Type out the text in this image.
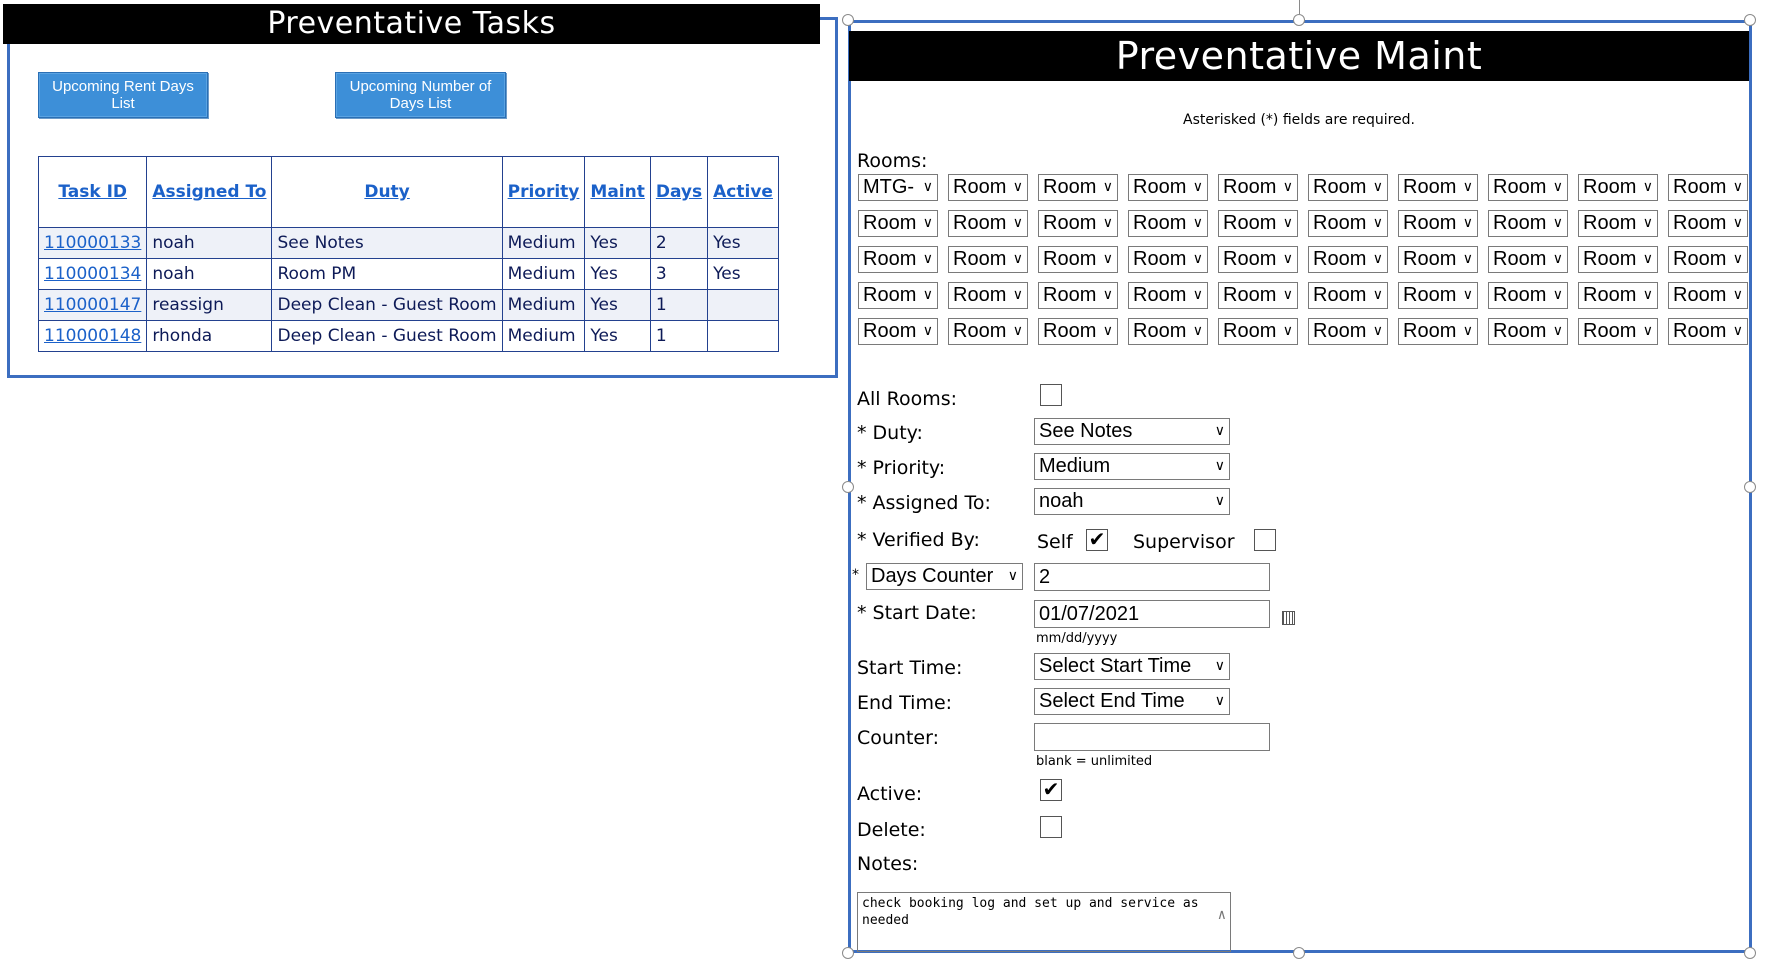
Preventative Tasks
Upcoming Rent Days List
Upcoming Number of Days List
Task ID	Assigned To	Duty	Priority	Maint	Days	Active
110000133	noah	See Notes	Medium	Yes	2	Yes
110000134	noah	Room PM	Medium	Yes	3	Yes
110000147	reassign	Deep Clean - Guest Room	Medium	Yes	1	
110000148	rhonda	Deep Clean - Guest Room	Medium	Yes	1	
Preventative Maint
Asterisked (*) fields are required.
Rooms:
MTG- ∨ Room ∨ Room ∨ Room ∨ Room ∨ Room ∨ Room ∨ Room ∨ Room ∨ Room ∨
Room ∨ Room ∨ Room ∨ Room ∨ Room ∨ Room ∨ Room ∨ Room ∨ Room ∨ Room ∨
Room ∨ Room ∨ Room ∨ Room ∨ Room ∨ Room ∨ Room ∨ Room ∨ Room ∨ Room ∨
Room ∨ Room ∨ Room ∨ Room ∨ Room ∨ Room ∨ Room ∨ Room ∨ Room ∨ Room ∨
Room ∨ Room ∨ Room ∨ Room ∨ Room ∨ Room ∨ Room ∨ Room ∨ Room ∨ Room ∨
All Rooms:
* Duty:	See Notes	∨
* Priority:	Medium	∨
* Assigned To: noah	∨
* Verified By:	Self ✔ Supervisor
* Days Counter ∨ 2
* Start Date:	01/07/2021
mm/dd/yyyy
Start Time:	Select Start Time ∨
End Time:	Select End Time ∨
Counter:
blank = unlimited
Active:	✔
Delete:
Notes:
check booking log and set up and service as needed	∧
